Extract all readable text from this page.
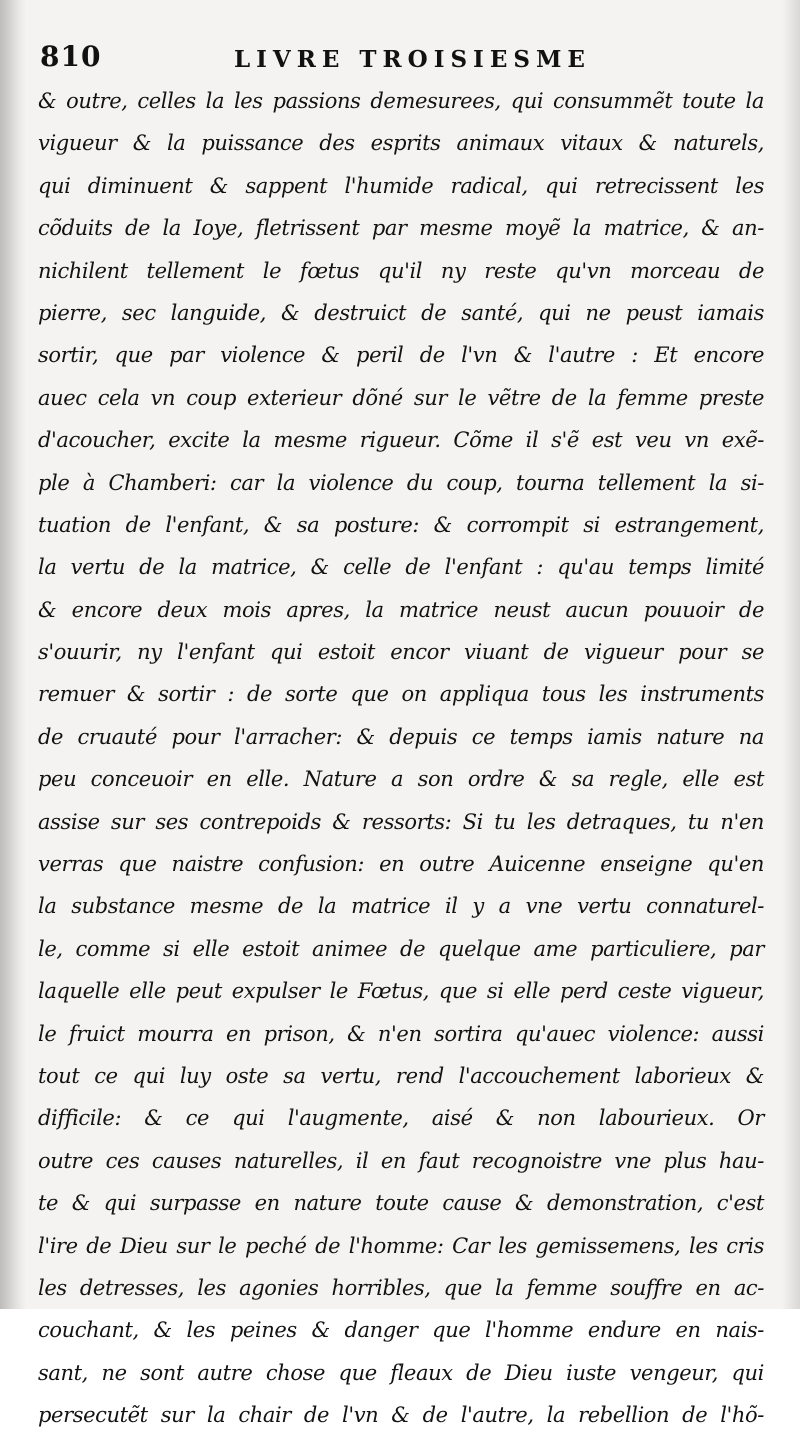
810	LIVRE TROISIESME
& outre, celles la les passions demesurees, qui consummẽt toute la
vigueur & la puissance des esprits animaux vitaux & naturels,
qui diminuent & sappent l'humide radical, qui retrecissent les
cõduits de la Ioye, fletrissent par mesme moyẽ la matrice, & an-
nichilent tellement le fœtus qu'il ny reste qu'vn morceau de
pierre, sec languide, & destruict de santé, qui ne peust iamais
sortir, que par violence & peril de l'vn & l'autre : Et encore
auec cela vn coup exterieur dõné sur le vẽtre de la femme preste
d'acoucher, excite la mesme rigueur. Cõme il s'ẽ est veu vn exẽ-
ple à Chamberi: car la violence du coup, tourna tellement la si-
tuation de l'enfant, & sa posture: & corrompit si estrangement,
la vertu de la matrice, & celle de l'enfant : qu'au temps limité
& encore deux mois apres, la matrice neust aucun pouuoir de
s'ouurir, ny l'enfant qui estoit encor viuant de vigueur pour se
remuer & sortir : de sorte que on appliqua tous les instruments
de cruauté pour l'arracher: & depuis ce temps iamis nature na
peu conceuoir en elle. Nature a son ordre & sa regle, elle est
assise sur ses contrepoids & ressorts: Si tu les detraques, tu n'en
verras que naistre confusion: en outre Auicenne enseigne qu'en
la substance mesme de la matrice il y a vne vertu connaturel-
le, comme si elle estoit animee de quelque ame particuliere, par
laquelle elle peut expulser le Fœtus, que si elle perd ceste vigueur,
le fruict mourra en prison, & n'en sortira qu'auec violence: aussi
tout ce qui luy oste sa vertu, rend l'accouchement laborieux &
difficile: & ce qui l'augmente, aisé & non labourieux. Or
outre ces causes naturelles, il en faut recognoistre vne plus hau-
te & qui surpasse en nature toute cause & demonstration, c'est
l'ire de Dieu sur le peché de l'homme: Car les gemissemens, les cris
les detresses, les agonies horribles, que la femme souffre en ac-
couchant, & les peines & danger que l'homme endure en nais-
sant, ne sont autre chose que fleaux de Dieu iuste vengeur, qui
persecutẽt sur la chair de l'vn & de l'autre, la rebellion de l'hõ-
